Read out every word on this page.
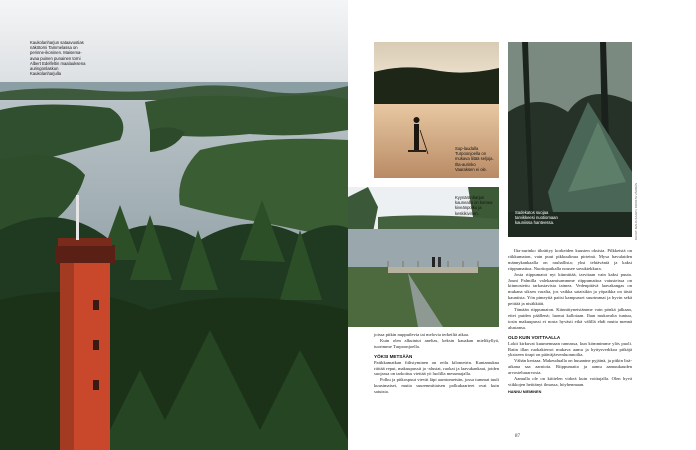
Kaukolanharjun sataavuotias näkötorni Tammelassa on perinne-ikoninen. Maisema-avaa puinen punainen torni Albert Edelfeltin maalauksena auringonlaskun Kaukolanharjulla
Sup-laudalla Turpoonjoella on mukava liitää seljoja. Ilta-aurinko Vaaraksen ei ole.
Sadekatos suojaa tarvikkeesi nuotiomaan kauniissa hanteessa.	KUVAT: MAIJA SAARI / KONSTA VÄRRÄS
Kyynäränharjun kaunealla on komea kiveänpolku ja keskikivinen.

joissa pitkin nuppuilevia tai melovia terkeiltä aikaa.

Kuin olen alkuiniut anelias, keksin kauakan mielikyllyä, tuorimme Turpoonjoella.

YÖKSI METSÄÄN

Patikkamatkan fiilistyminen on reilu kilometrin. Kantamukna riittää reput, makuupussit ja -alustat, ruokat ja laavukankaat, joiden suojassa on tarkoitus viettää yö luolilla mesumajalla.

Polku ja pitkospuut vievät läpi aarniometsän, jossa tummat tuuli kuusimaiset, mutta suurenmittaisen polkukaarteet ovat kuin satuista.

Ilta-aurinko tihrättyy korkeiden kuusten oksista. Pilkkeistä on riikkumaton, vain puut pikkuulinua pirteinä. Mysa havulaiden männykankaalla on rauhallista; yksi tehtäväniä ja kaksi riippumattoa. Nuotiopaikalla nousee savukiekkura.

Josta riippumatot nyt kiinnittää, tarvitaan vain kaksi puuta. Jouni Palmilla valekaamisammme riippumattoa vatusteissa on kiinnostettu tarkastavista taimea. Vedenpitävä laavakangas on mukana siksen varalta, jos vaikka sataisikin ja yöpaikka on tästä kauniista. Yön pimeyttä paitsi kampusset suurimmat ja hyvin sekä peittää ja nisäkkäät.

Tämään riippumaton. Kiinnittyneistämme vain pönkä jalkaan, ettei puiden päällenä; luonut kallotaan. Ihan mukavalta tuntuu, tosin makuupussi ei nosta hyvästi eikä välillä ehdi mutta mennä alustansa.

OLD KUIN VOITTAALLA

Lokit kirkuvat kuumennaan rannassa, kun kömmimme ylös puoli. Ratin illan ruokakierrot mukava aamu ja hyttysverkkoa pitkäjä yksiseen tirapi on pääväjärvenluonnoilta.

Vähän kertaaa. Makeudualla on huuantne pyjäinä, ja pitkin lisä-aikana saa aarniota. Riippumatto ja aamu aamuukauden arvosteluuarvosta.

Aamulla ole on kiittelen virkeä kuin voittajalla. Olen hyvä viikkojen heittänyt ilmassa, höyhenmaan.

HANNU NIEMINEN
87
